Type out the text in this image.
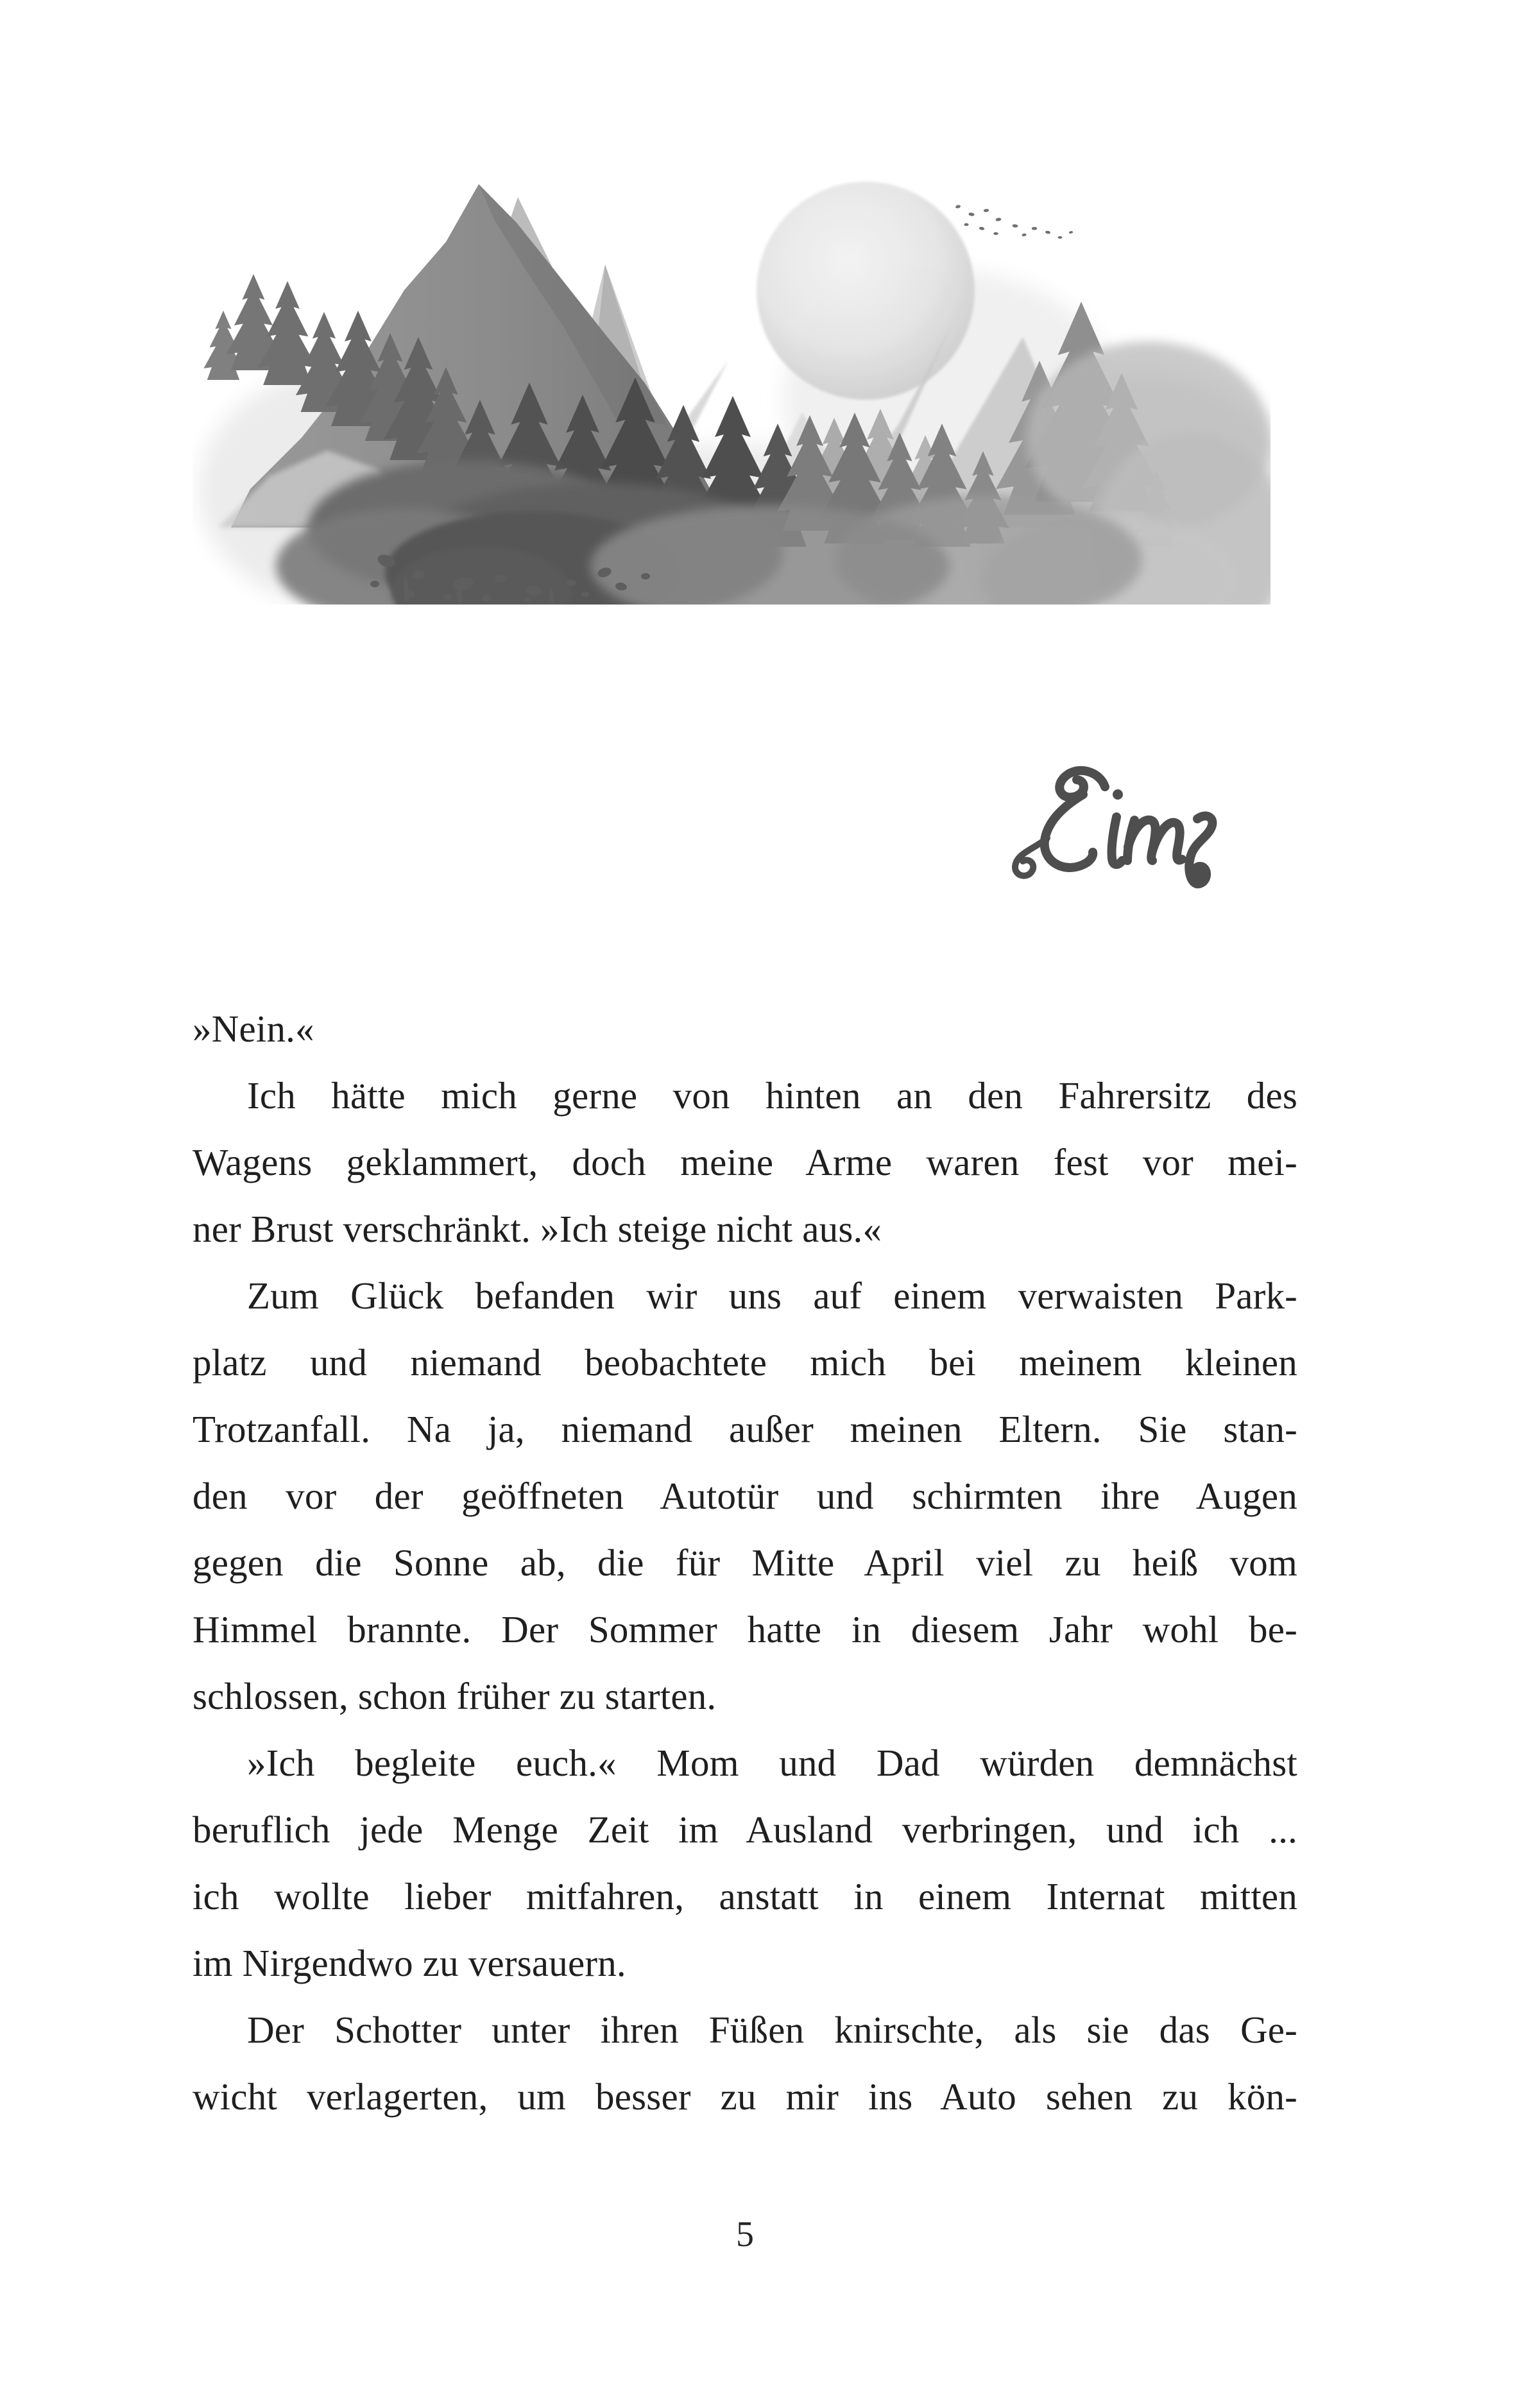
»Nein.«
Ich hätte mich gerne von hinten an den Fahrersitz des
Wagens geklammert, doch meine Arme waren fest vor mei-
ner Brust verschränkt. »Ich steige nicht aus.«
Zum Glück befanden wir uns auf einem verwaisten Park-
platz und niemand beobachtete mich bei meinem kleinen
Trotzanfall. Na ja, niemand außer meinen Eltern. Sie stan-
den vor der geöffneten Autotür und schirmten ihre Augen
gegen die Sonne ab, die für Mitte April viel zu heiß vom
Himmel brannte. Der Sommer hatte in diesem Jahr wohl be-
schlossen, schon früher zu starten.
»Ich begleite euch.« Mom und Dad würden demnächst
beruflich jede Menge Zeit im Ausland verbringen, und ich ...
ich wollte lieber mitfahren, anstatt in einem Internat mitten
im Nirgendwo zu versauern.
Der Schotter unter ihren Füßen knirschte, als sie das Ge-
wicht verlagerten, um besser zu mir ins Auto sehen zu kön-
5
